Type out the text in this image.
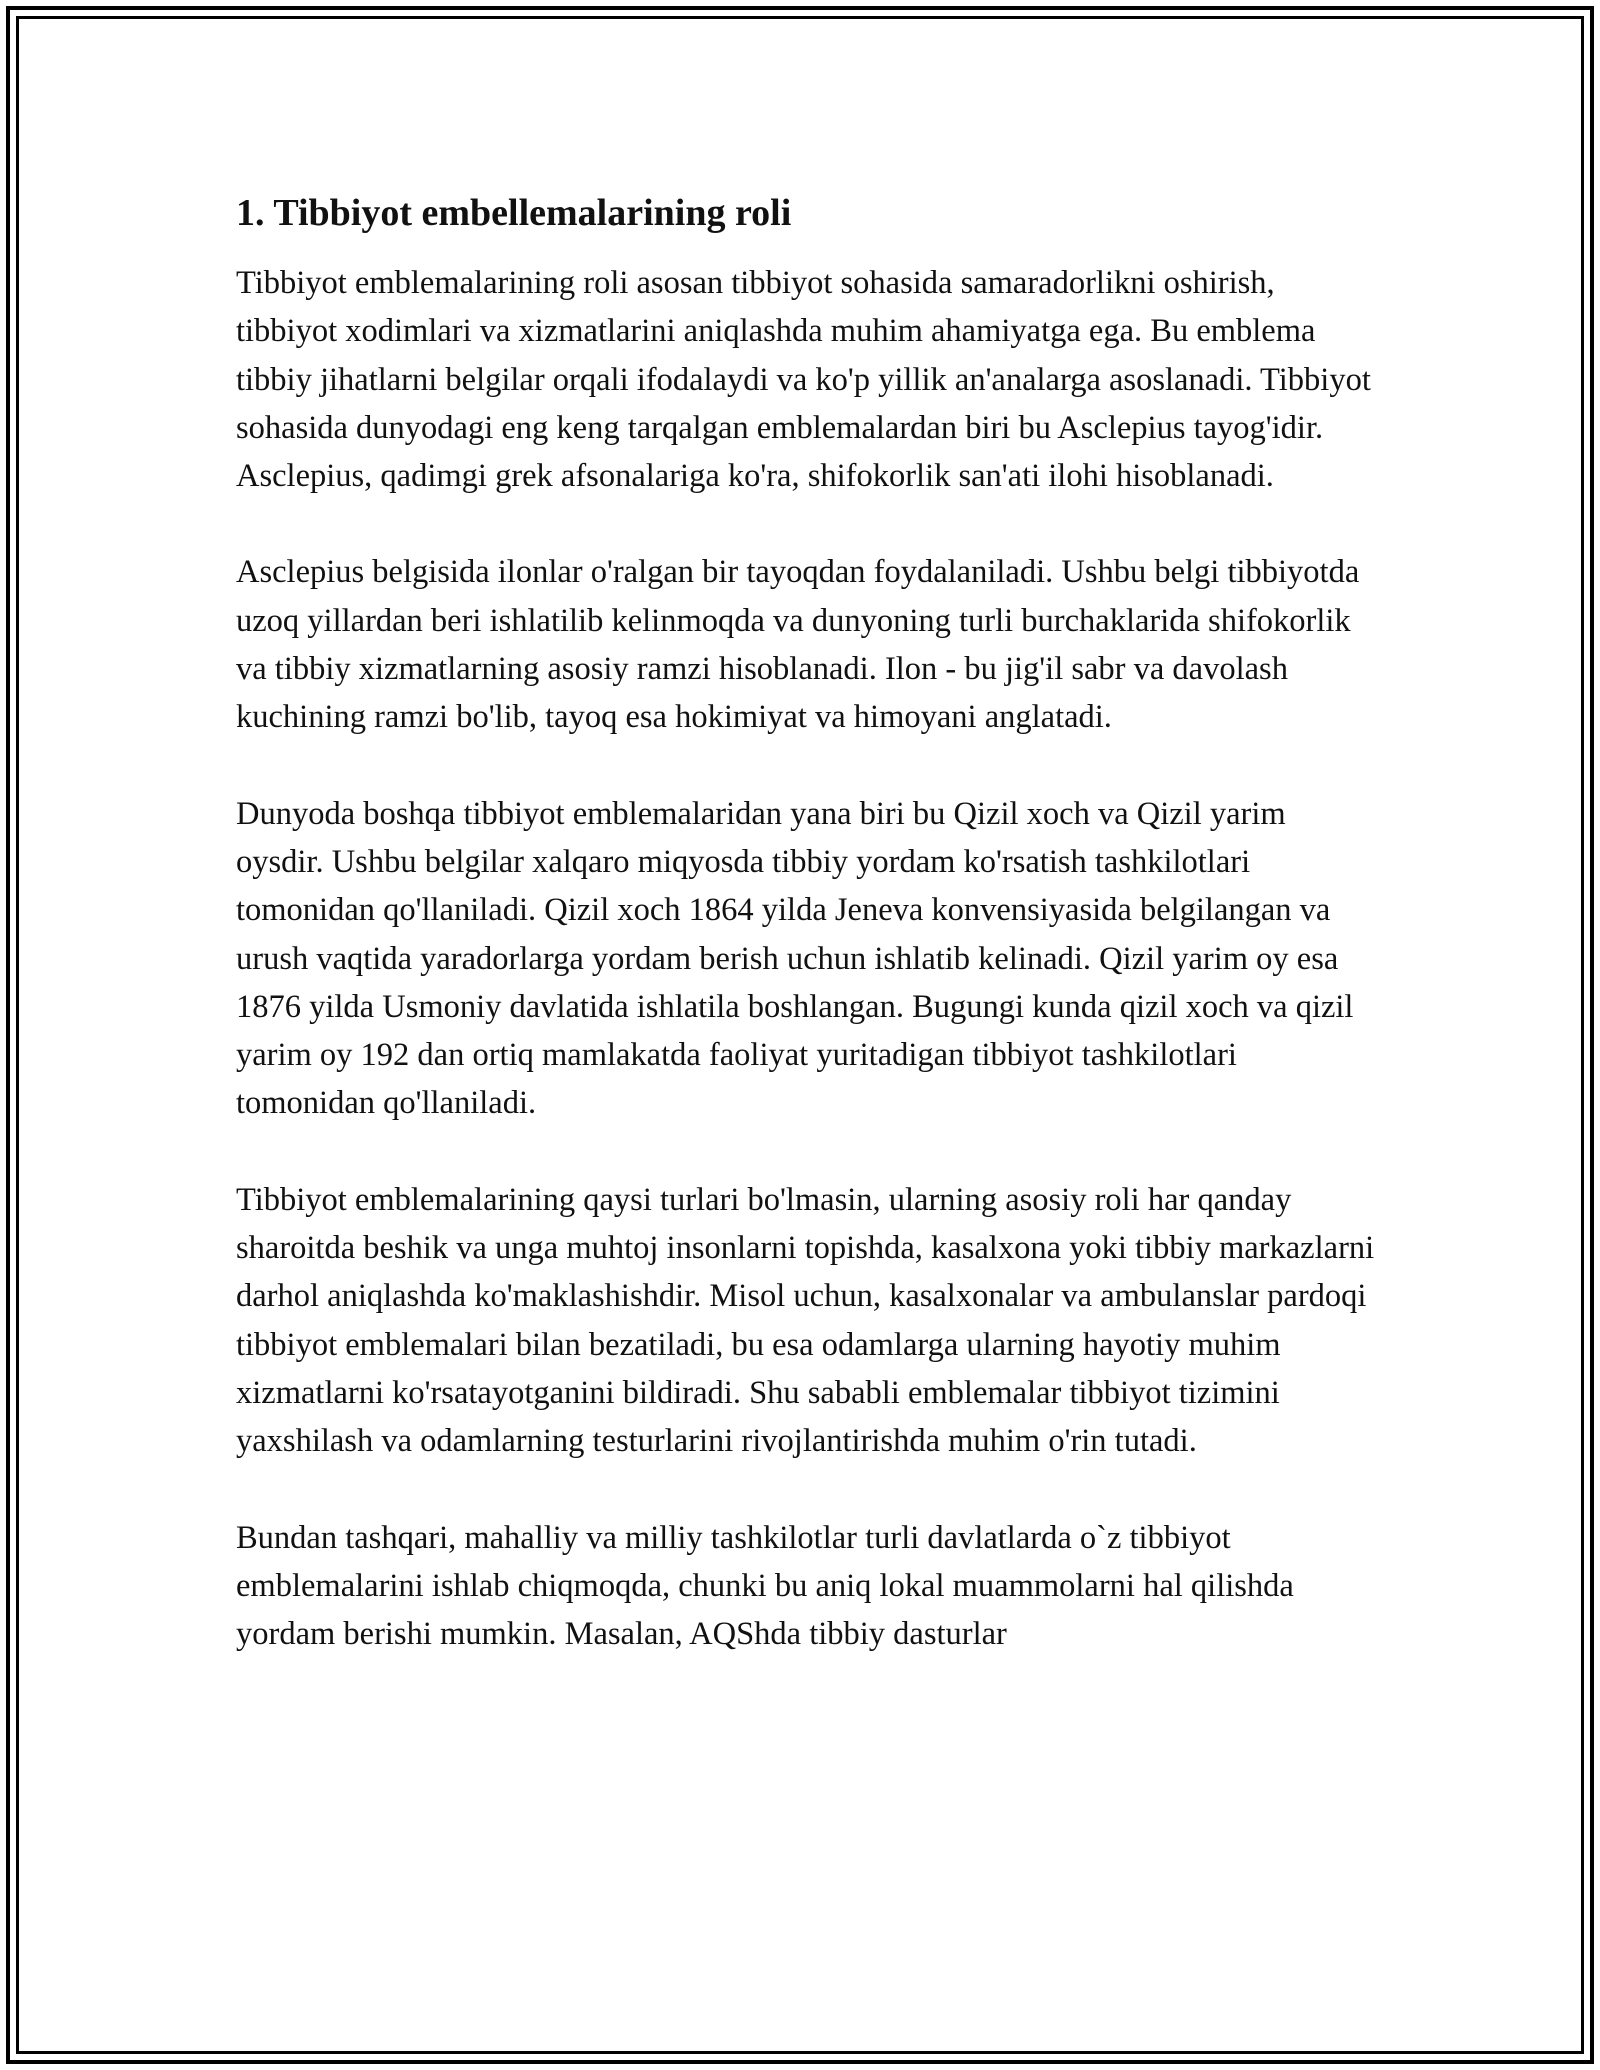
1. Tibbiyot embellemalarining roli

Tibbiyot emblemalarining roli asosan tibbiyot sohasida samaradorlikni oshirish, tibbiyot xodimlari va xizmatlarini aniqlashda muhim ahamiyatga ega. Bu emblema tibbiy jihatlarni belgilar orqali ifodalaydi va ko'p yillik an'analarga asoslanadi. Tibbiyot sohasida dunyodagi eng keng tarqalgan emblemalardan biri bu Asclepius tayog'idir. Asclepius, qadimgi grek afsonalariga ko'ra, shifokorlik san'ati ilohi hisoblanadi.

Asclepius belgisida ilonlar o'ralgan bir tayoqdan foydalaniladi. Ushbu belgi tibbiyotda uzoq yillardan beri ishlatilib kelinmoqda va dunyoning turli burchaklarida shifokorlik va tibbiy xizmatlarning asosiy ramzi hisoblanadi. Ilon - bu jig'il sabr va davolash kuchining ramzi bo'lib, tayoq esa hokimiyat va himoyani anglatadi.

Dunyoda boshqa tibbiyot emblemalaridan yana biri bu Qizil xoch va Qizil yarim oysdir. Ushbu belgilar xalqaro miqyosda tibbiy yordam ko'rsatish tashkilotlari tomonidan qo'llaniladi. Qizil xoch 1864 yilda Jeneva konvensiyasida belgilangan va urush vaqtida yaradorlarga yordam berish uchun ishlatib kelinadi. Qizil yarim oy esa 1876 yilda Usmoniy davlatida ishlatila boshlangan. Bugungi kunda qizil xoch va qizil yarim oy 192 dan ortiq mamlakatda faoliyat yuritadigan tibbiyot tashkilotlari tomonidan qo'llaniladi.

Tibbiyot emblemalarining qaysi turlari bo'lmasin, ularning asosiy roli har qanday sharoitda beshik va unga muhtoj insonlarni topishda, kasalxona yoki tibbiy markazlarni darhol aniqlashda ko'maklashishdir. Misol uchun, kasalxonalar va ambulanslar pardoqi tibbiyot emblemalari bilan bezatiladi, bu esa odamlarga ularning hayotiy muhim xizmatlarni ko'rsatayotganini bildiradi. Shu sababli emblemalar tibbiyot tizimini yaxshilash va odamlarning testurlarini rivojlantirishda muhim o'rin tutadi.

Bundan tashqari, mahalliy va milliy tashkilotlar turli davlatlarda o`z tibbiyot emblemalarini ishlab chiqmoqda, chunki bu aniq lokal muammolarni hal qilishda yordam berishi mumkin. Masalan, AQShda tibbiy dasturlar
